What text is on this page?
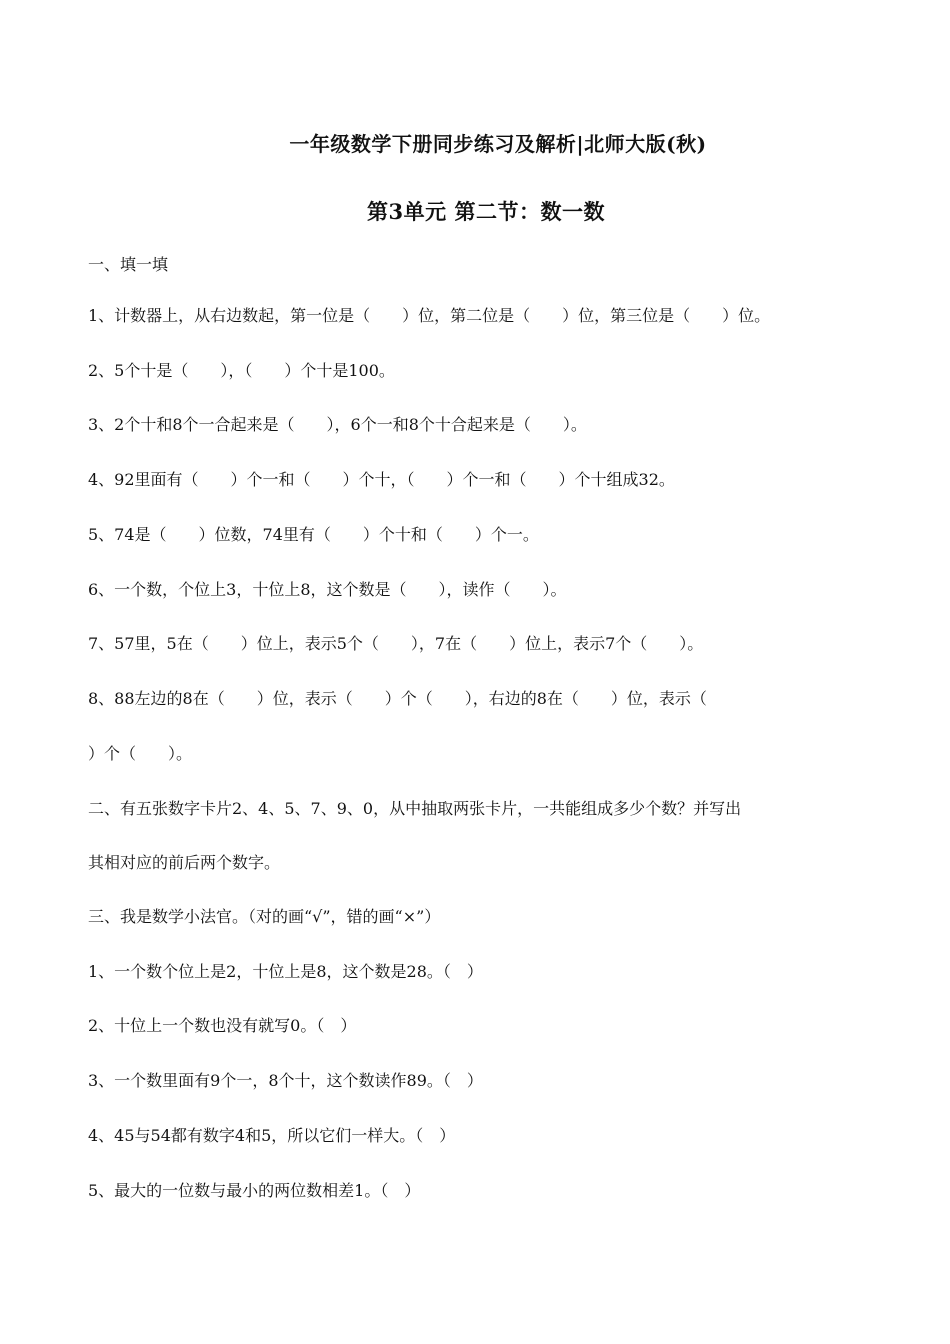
一年级数学下册同步练习及解析|北师大版(秋)
第3单元 第二节：数一数
一、填一填
1、计数器上，从右边数起，第一位是（　　）位，第二位是（　　）位，第三位是（　　）位。
2、5个十是（　　），（　　）个十是100。
3、2个十和8个一合起来是（　　），6个一和8个十合起来是（　　）。
4、92里面有（　　）个一和（　　）个十，（　　）个一和（　　）个十组成32。
5、74是（　　）位数，74里有（　　）个十和（　　）个一。
6、一个数，个位上3，十位上8，这个数是（　　），读作（　　）。
7、57里，5在（　　）位上，表示5个（　　），7在（　　）位上，表示7个（　　）。
8、88左边的8在（　　）位，表示（　　）个（　　），右边的8在（　　）位，表示（
）个（　　）。
二、有五张数字卡片2、4、5、7、9、0，从中抽取两张卡片，一共能组成多少个数？并写出
其相对应的前后两个数字。
三、我是数学小法官。（对的画“√”，错的画“×”）
1、一个数个位上是2，十位上是8，这个数是28。（　）
2、十位上一个数也没有就写0。（　）
3、一个数里面有9个一，8个十，这个数读作89。（　）
4、45与54都有数字4和5，所以它们一样大。（　）
5、最大的一位数与最小的两位数相差1。（　）
